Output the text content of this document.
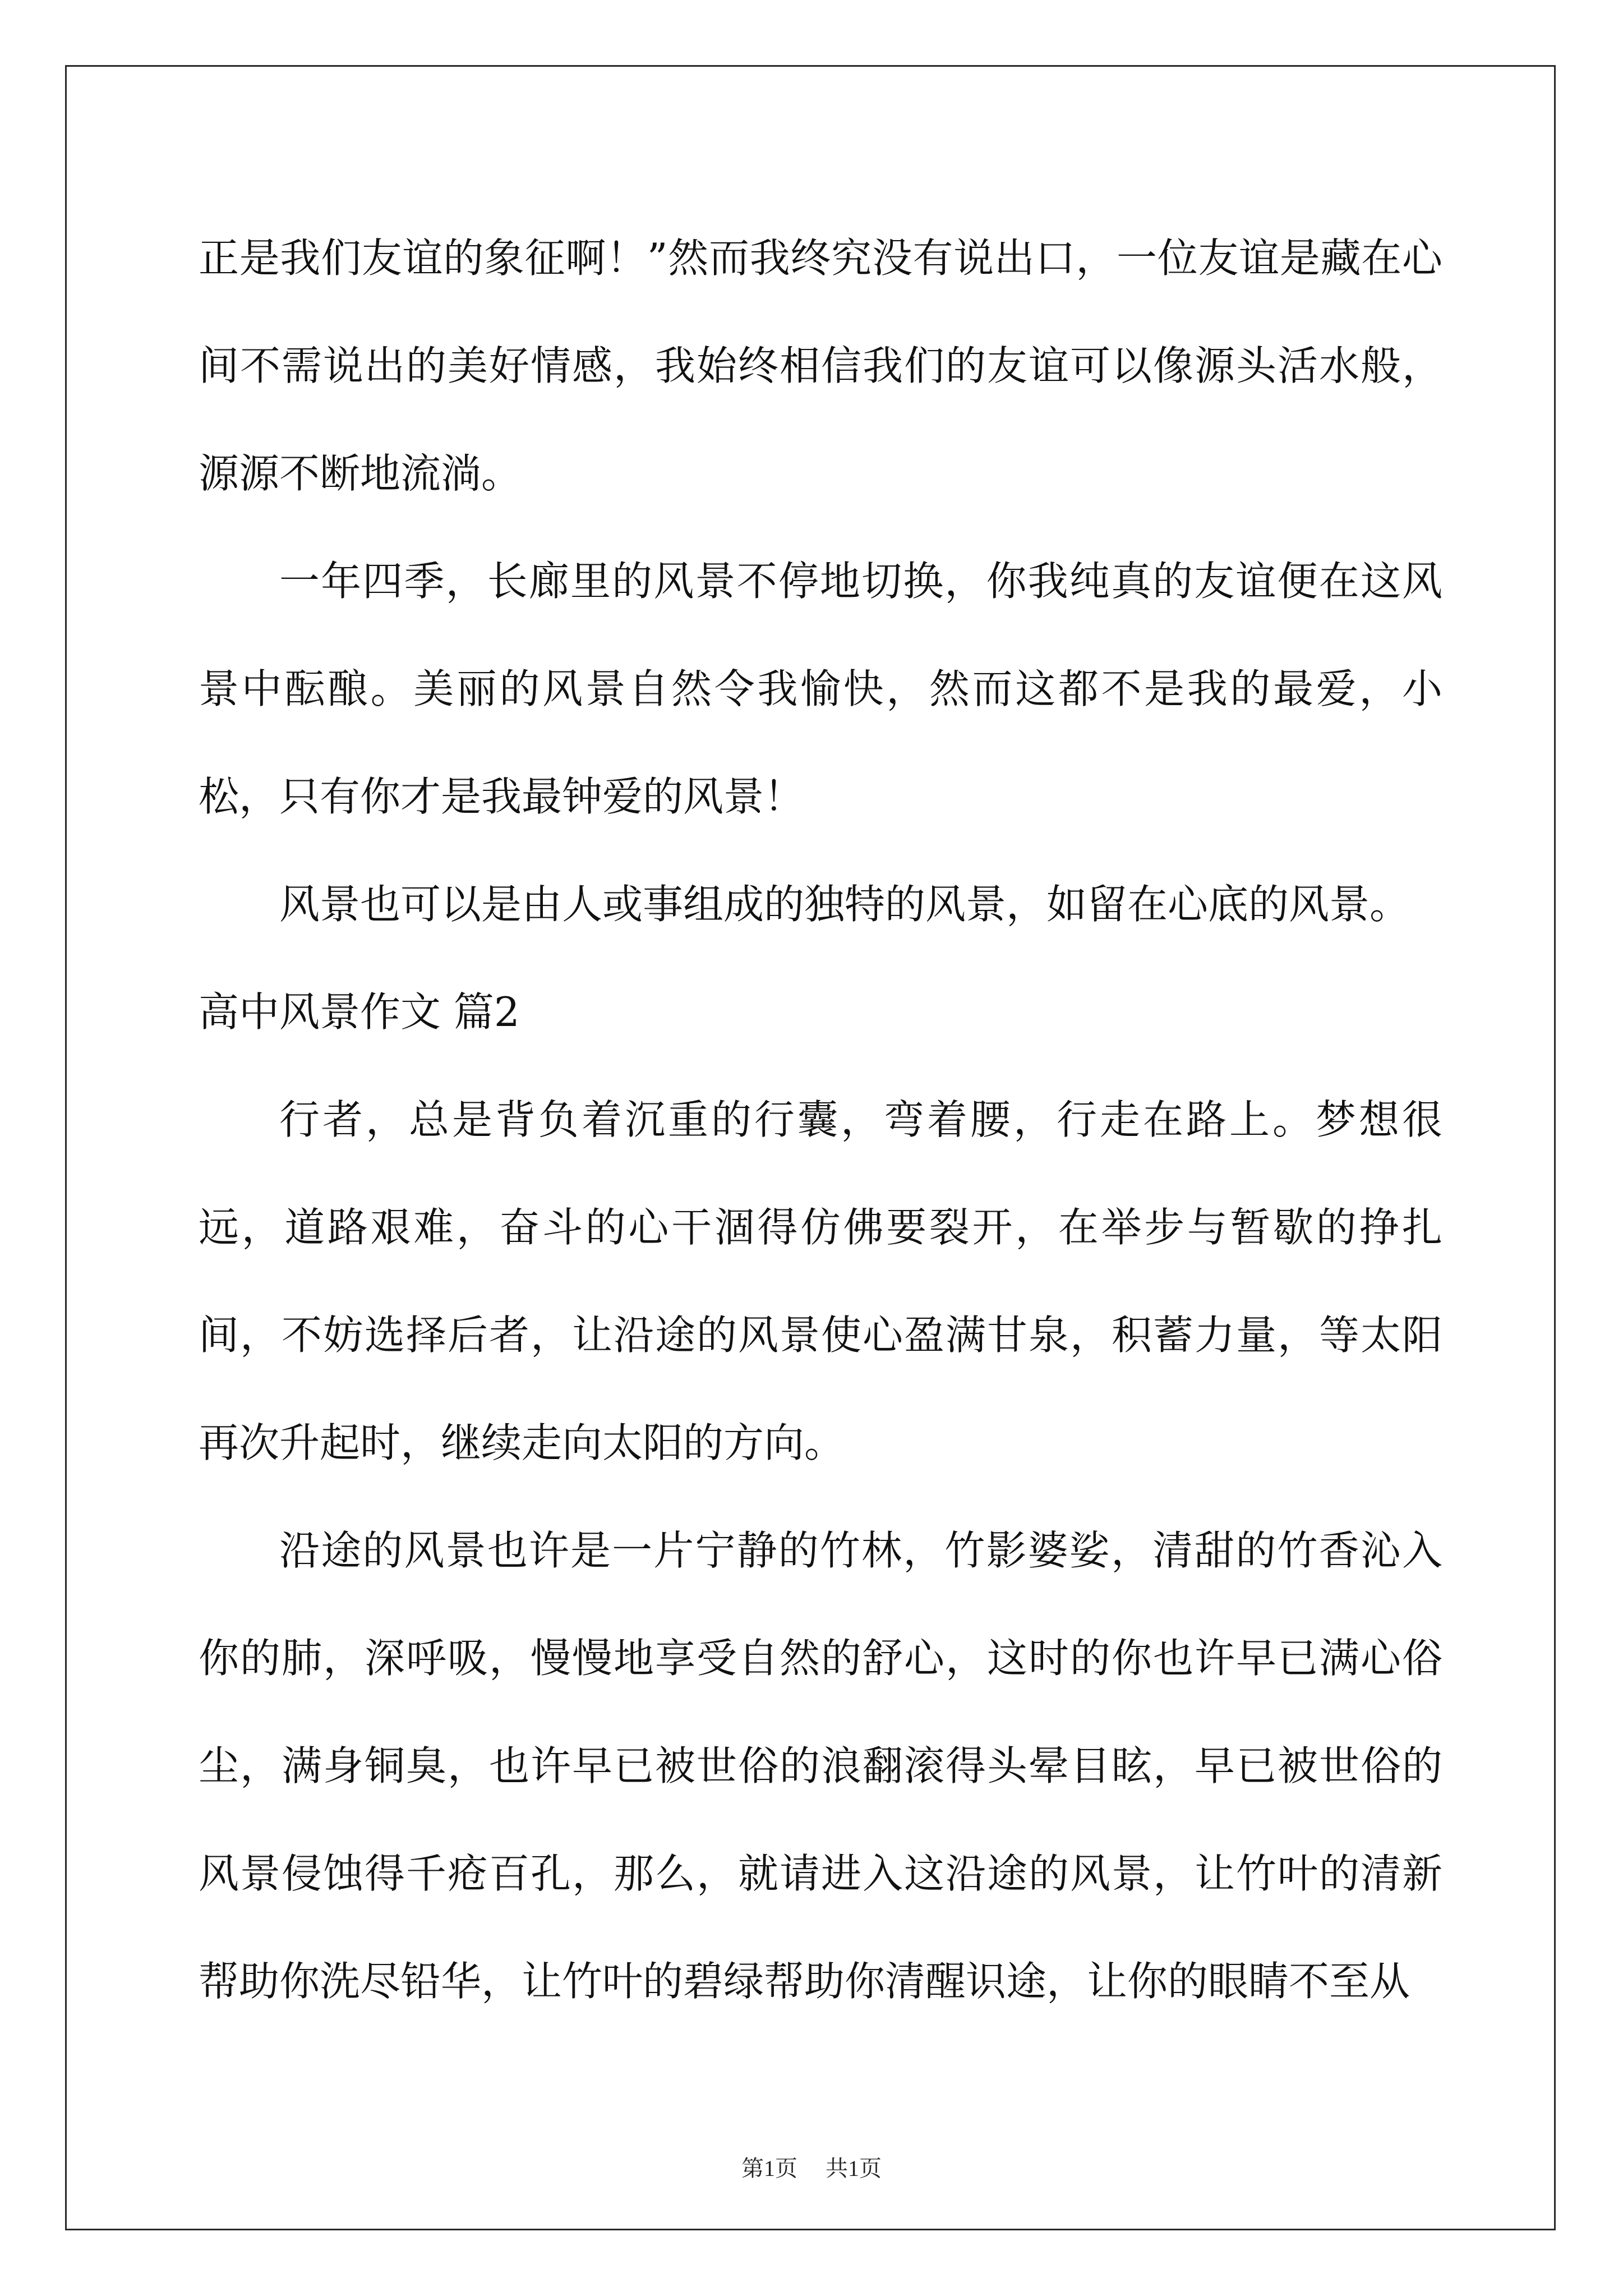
正是我们友谊的象征啊！”然而我终究没有说出口，一位友谊是藏在心间不需说出的美好情感，我始终相信我们的友谊可以像源头活水般，源源不断地流淌。

一年四季，长廊里的风景不停地切换，你我纯真的友谊便在这风景中酝酿。美丽的风景自然令我愉快，然而这都不是我的最爱，小松，只有你才是我最钟爱的风景！

风景也可以是由人或事组成的独特的风景，如留在心底的风景。

高中风景作文 篇2

行者，总是背负着沉重的行囊，弯着腰，行走在路上。梦想很远，道路艰难，奋斗的心干涸得仿佛要裂开，在举步与暂歇的挣扎间，不妨选择后者，让沿途的风景使心盈满甘泉，积蓄力量，等太阳再次升起时，继续走向太阳的方向。

沿途的风景也许是一片宁静的竹林，竹影婆娑，清甜的竹香沁入你的肺，深呼吸，慢慢地享受自然的舒心，这时的你也许早已满心俗尘，满身铜臭，也许早已被世俗的浪翻滚得头晕目眩，早已被世俗的风景侵蚀得千疮百孔，那么，就请进入这沿途的风景，让竹叶的清新帮助你洗尽铅华，让竹叶的碧绿帮助你清醒识途，让你的眼睛不至从

第1页 共1页
